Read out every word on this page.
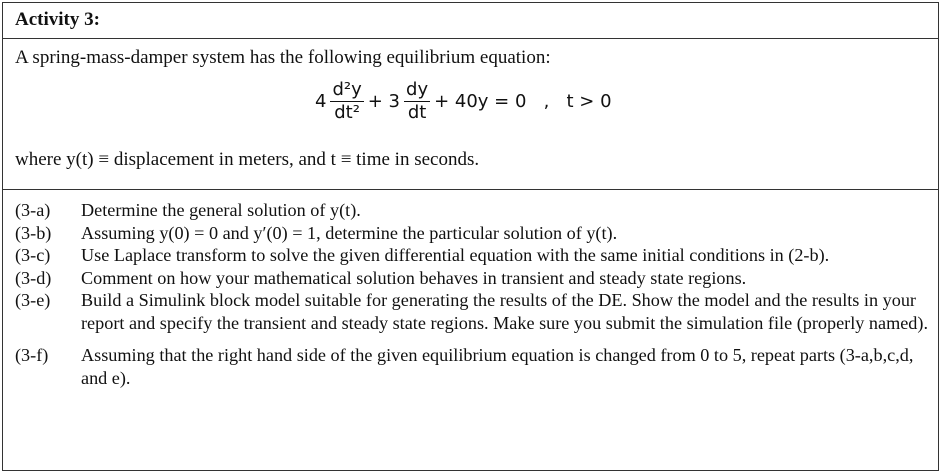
Activity 3:
A spring-mass-damper system has the following equilibrium equation:
$4 \frac{\text{d²y}}{\text{dt²}} + 3 \frac{dy}{dt} + 40y = 0$   ,   t > 0
where y(t) ≡ displacement in meters, and t ≡ time in seconds.
(3-a)	Determine the general solution of y(t).
(3-b)	Assuming y(0) = 0 and y′(0) = 1, determine the particular solution of y(t).
(3-c)	Use Laplace transform to solve the given differential equation with the same initial conditions in (2-b).
(3-d)	Comment on how your mathematical solution behaves in transient and steady state regions.
(3-e)	Build a Simulink block model suitable for generating the results of the DE. Show the model and the results in your report and specify the transient and steady state regions. Make sure you submit the simulation file (properly named).
(3-f)	Assuming that the right hand side of the given equilibrium equation is changed from 0 to 5, repeat parts (3-a,b,c,d, and e).
